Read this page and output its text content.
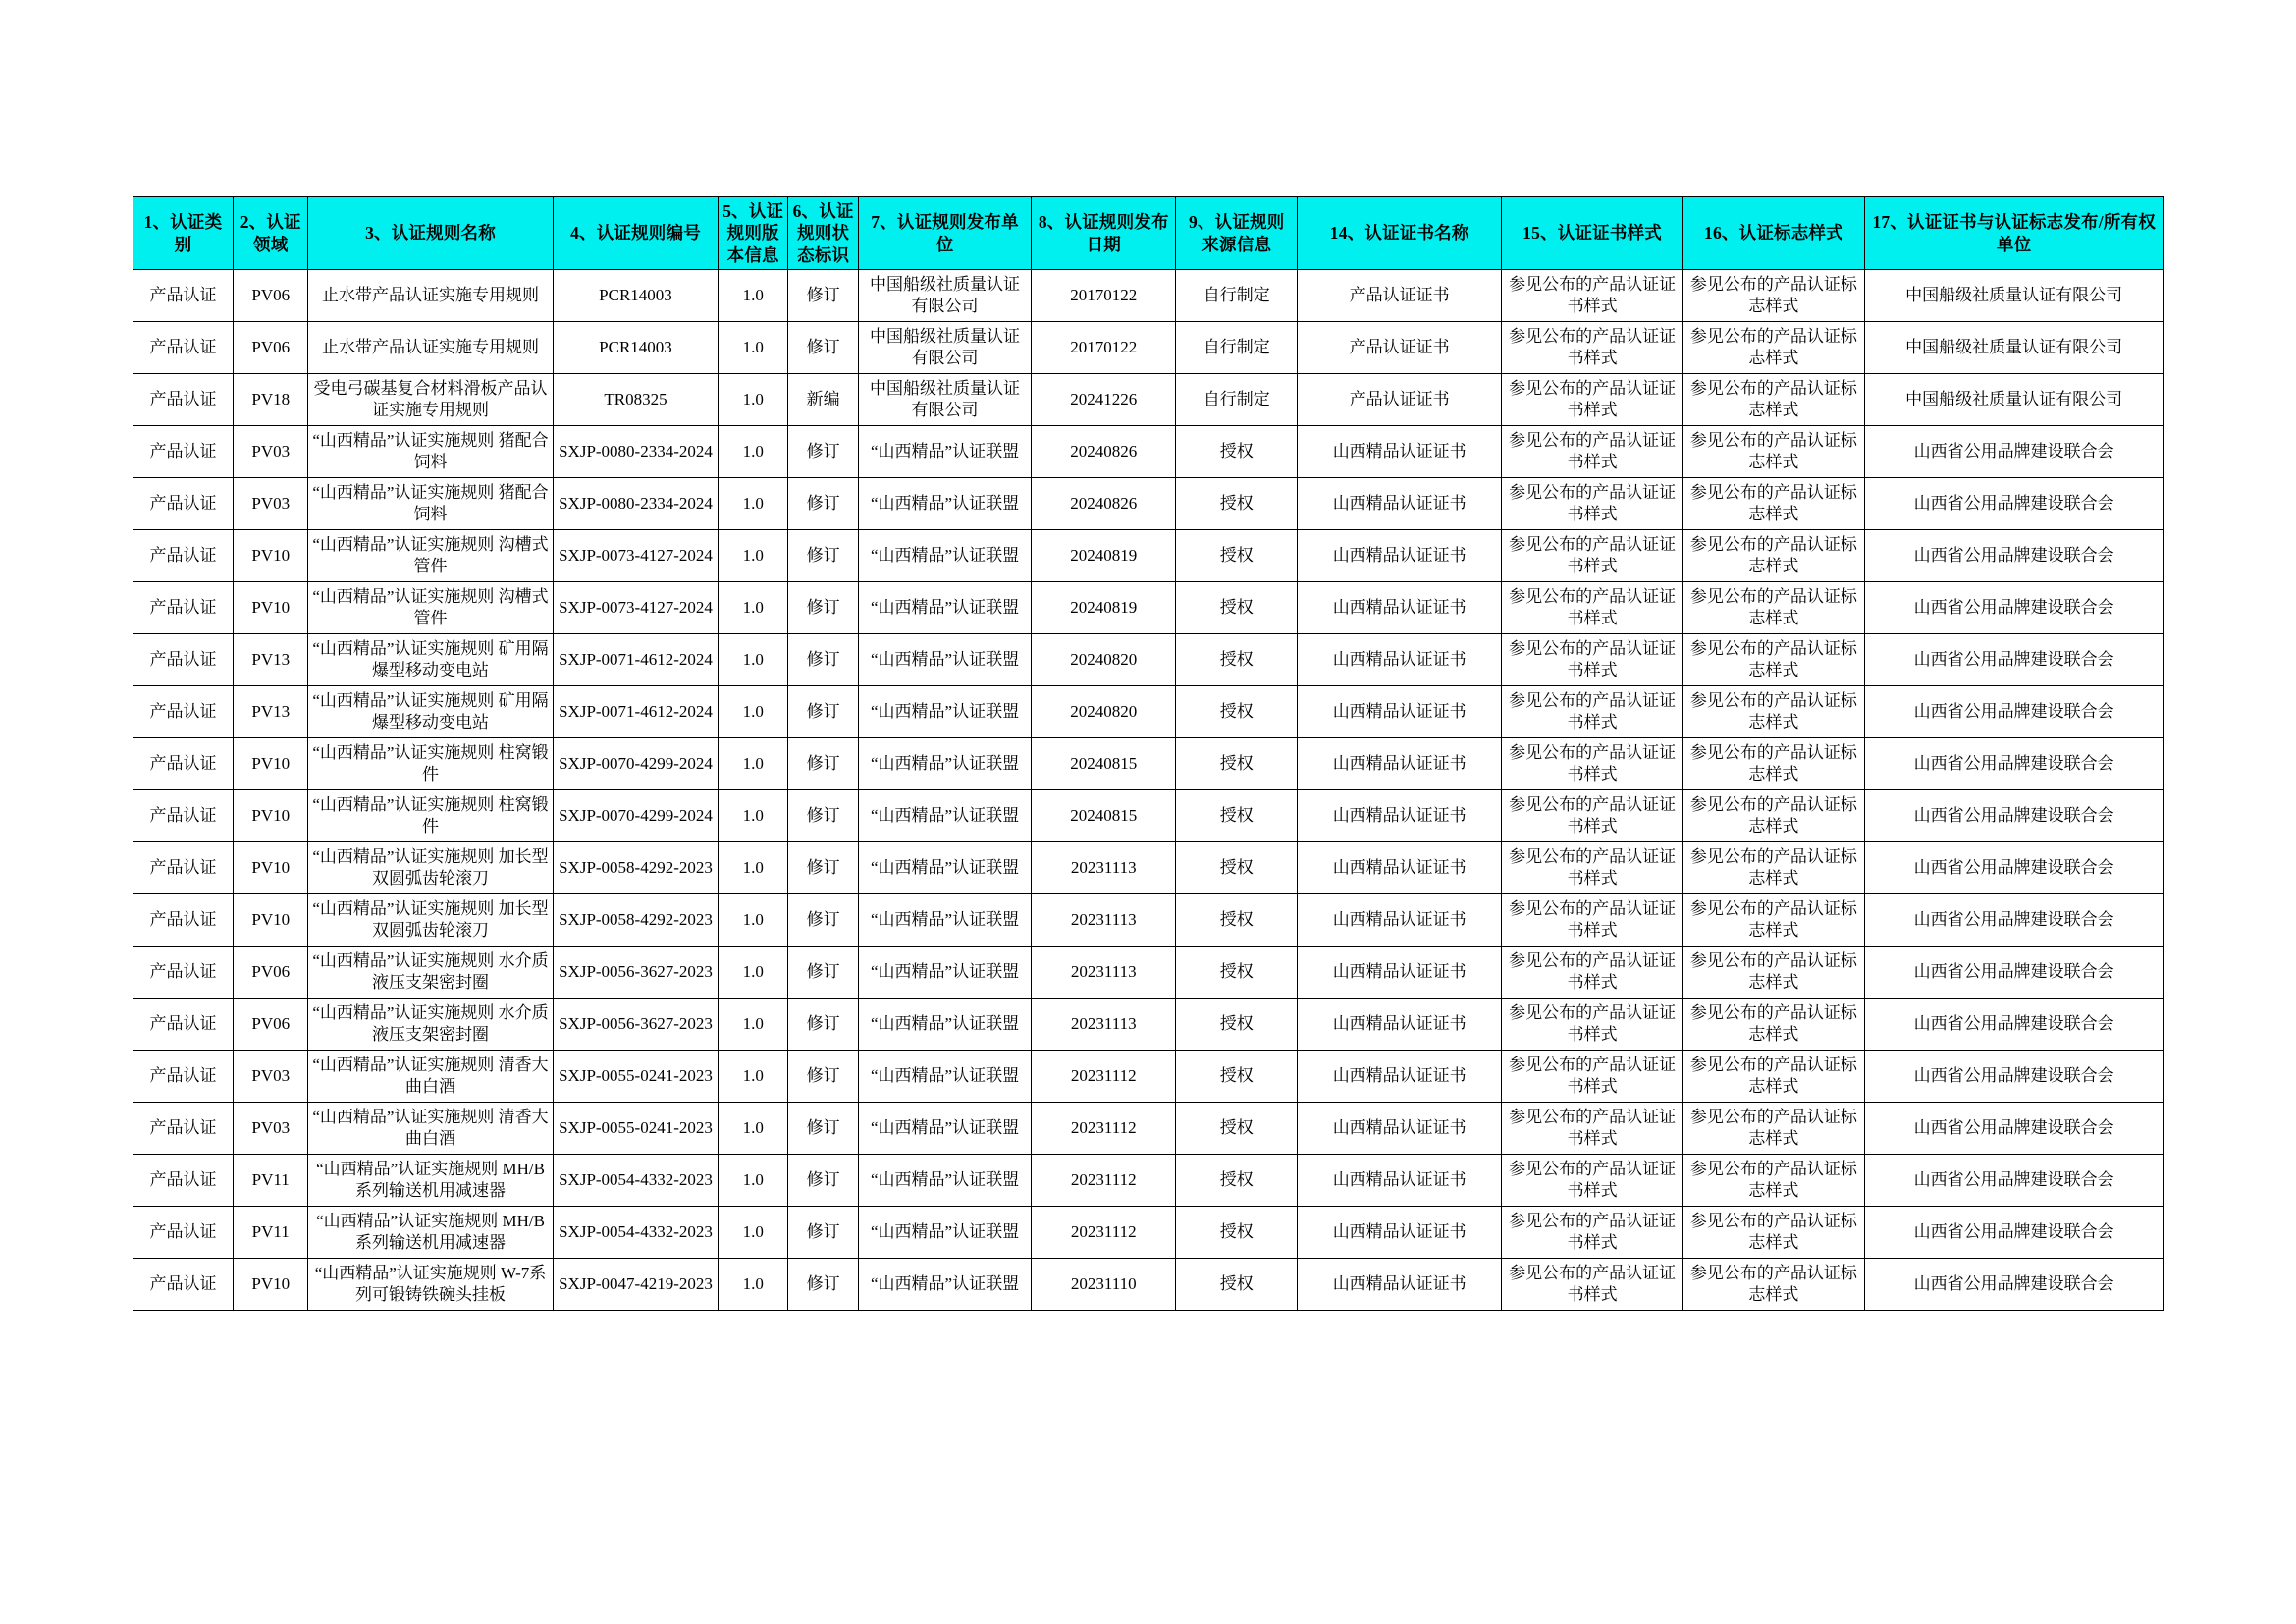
1、认证类别	2、认证领域	3、认证规则名称	4、认证规则编号	5、认证规则版本信息	6、认证规则状态标识	7、认证规则发布单位	8、认证规则发布日期	9、认证规则来源信息	14、认证证书名称	15、认证证书样式	16、认证标志样式	17、认证证书与认证标志发布/所有权单位
产品认证	PV06	止水带产品认证实施专用规则	PCR14003	1.0	修订	中国船级社质量认证有限公司	20170122	自行制定	产品认证证书	参见公布的产品认证证书样式	参见公布的产品认证标志样式	中国船级社质量认证有限公司
产品认证	PV06	止水带产品认证实施专用规则	PCR14003	1.0	修订	中国船级社质量认证有限公司	20170122	自行制定	产品认证证书	参见公布的产品认证证书样式	参见公布的产品认证标志样式	中国船级社质量认证有限公司
产品认证	PV18	受电弓碳基复合材料滑板产品认证实施专用规则	TR08325	1.0	新编	中国船级社质量认证有限公司	20241226	自行制定	产品认证证书	参见公布的产品认证证书样式	参见公布的产品认证标志样式	中国船级社质量认证有限公司
产品认证	PV03	“山西精品”认证实施规则 猪配合饲料	SXJP-0080-2334-2024	1.0	修订	“山西精品”认证联盟	20240826	授权	山西精品认证证书	参见公布的产品认证证书样式	参见公布的产品认证标志样式	山西省公用品牌建设联合会
产品认证	PV03	“山西精品”认证实施规则 猪配合饲料	SXJP-0080-2334-2024	1.0	修订	“山西精品”认证联盟	20240826	授权	山西精品认证证书	参见公布的产品认证证书样式	参见公布的产品认证标志样式	山西省公用品牌建设联合会
产品认证	PV10	“山西精品”认证实施规则 沟槽式管件	SXJP-0073-4127-2024	1.0	修订	“山西精品”认证联盟	20240819	授权	山西精品认证证书	参见公布的产品认证证书样式	参见公布的产品认证标志样式	山西省公用品牌建设联合会
产品认证	PV10	“山西精品”认证实施规则 沟槽式管件	SXJP-0073-4127-2024	1.0	修订	“山西精品”认证联盟	20240819	授权	山西精品认证证书	参见公布的产品认证证书样式	参见公布的产品认证标志样式	山西省公用品牌建设联合会
产品认证	PV13	“山西精品”认证实施规则 矿用隔爆型移动变电站	SXJP-0071-4612-2024	1.0	修订	“山西精品”认证联盟	20240820	授权	山西精品认证证书	参见公布的产品认证证书样式	参见公布的产品认证标志样式	山西省公用品牌建设联合会
产品认证	PV13	“山西精品”认证实施规则 矿用隔爆型移动变电站	SXJP-0071-4612-2024	1.0	修订	“山西精品”认证联盟	20240820	授权	山西精品认证证书	参见公布的产品认证证书样式	参见公布的产品认证标志样式	山西省公用品牌建设联合会
产品认证	PV10	“山西精品”认证实施规则 柱窝锻件	SXJP-0070-4299-2024	1.0	修订	“山西精品”认证联盟	20240815	授权	山西精品认证证书	参见公布的产品认证证书样式	参见公布的产品认证标志样式	山西省公用品牌建设联合会
产品认证	PV10	“山西精品”认证实施规则 柱窝锻件	SXJP-0070-4299-2024	1.0	修订	“山西精品”认证联盟	20240815	授权	山西精品认证证书	参见公布的产品认证证书样式	参见公布的产品认证标志样式	山西省公用品牌建设联合会
产品认证	PV10	“山西精品”认证实施规则 加长型双圆弧齿轮滚刀	SXJP-0058-4292-2023	1.0	修订	“山西精品”认证联盟	20231113	授权	山西精品认证证书	参见公布的产品认证证书样式	参见公布的产品认证标志样式	山西省公用品牌建设联合会
产品认证	PV10	“山西精品”认证实施规则 加长型双圆弧齿轮滚刀	SXJP-0058-4292-2023	1.0	修订	“山西精品”认证联盟	20231113	授权	山西精品认证证书	参见公布的产品认证证书样式	参见公布的产品认证标志样式	山西省公用品牌建设联合会
产品认证	PV06	“山西精品”认证实施规则 水介质液压支架密封圈	SXJP-0056-3627-2023	1.0	修订	“山西精品”认证联盟	20231113	授权	山西精品认证证书	参见公布的产品认证证书样式	参见公布的产品认证标志样式	山西省公用品牌建设联合会
产品认证	PV06	“山西精品”认证实施规则 水介质液压支架密封圈	SXJP-0056-3627-2023	1.0	修订	“山西精品”认证联盟	20231113	授权	山西精品认证证书	参见公布的产品认证证书样式	参见公布的产品认证标志样式	山西省公用品牌建设联合会
产品认证	PV03	“山西精品”认证实施规则 清香大曲白酒	SXJP-0055-0241-2023	1.0	修订	“山西精品”认证联盟	20231112	授权	山西精品认证证书	参见公布的产品认证证书样式	参见公布的产品认证标志样式	山西省公用品牌建设联合会
产品认证	PV03	“山西精品”认证实施规则 清香大曲白酒	SXJP-0055-0241-2023	1.0	修订	“山西精品”认证联盟	20231112	授权	山西精品认证证书	参见公布的产品认证证书样式	参见公布的产品认证标志样式	山西省公用品牌建设联合会
产品认证	PV11	“山西精品”认证实施规则 MH/B系列输送机用减速器	SXJP-0054-4332-2023	1.0	修订	“山西精品”认证联盟	20231112	授权	山西精品认证证书	参见公布的产品认证证书样式	参见公布的产品认证标志样式	山西省公用品牌建设联合会
产品认证	PV11	“山西精品”认证实施规则 MH/B系列输送机用减速器	SXJP-0054-4332-2023	1.0	修订	“山西精品”认证联盟	20231112	授权	山西精品认证证书	参见公布的产品认证证书样式	参见公布的产品认证标志样式	山西省公用品牌建设联合会
产品认证	PV10	“山西精品”认证实施规则 W-7系列可锻铸铁碗头挂板	SXJP-0047-4219-2023	1.0	修订	“山西精品”认证联盟	20231110	授权	山西精品认证证书	参见公布的产品认证证书样式	参见公布的产品认证标志样式	山西省公用品牌建设联合会
